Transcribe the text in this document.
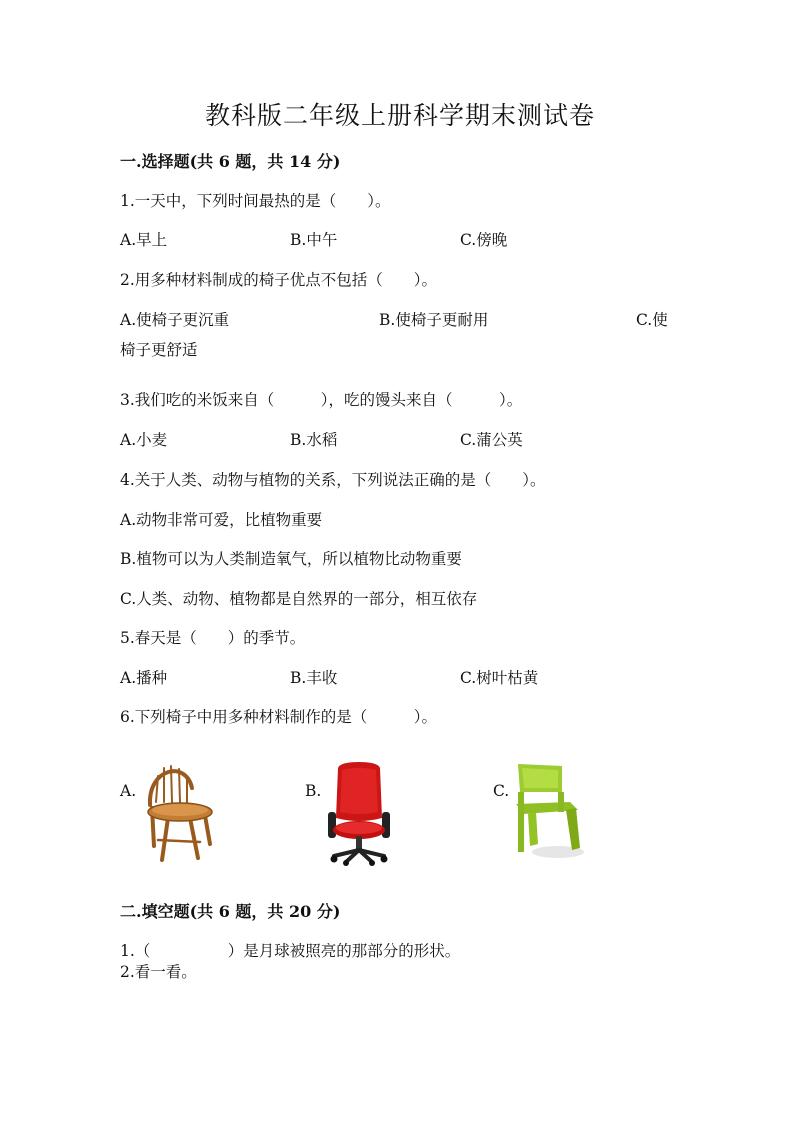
教科版二年级上册科学期末测试卷
一.选择题(共 6 题，共 14 分)
1.一天中，下列时间最热的是（　　）。
A.早上	B.中午	C.傍晚
2.用多种材料制成的椅子优点不包括（　　）。
A.使椅子更沉重	B.使椅子更耐用	C.使
椅子更舒适
3.我们吃的米饭来自（　　　），吃的馒头来自（　　　）。
A.小麦	B.水稻	C.蒲公英
4.关于人类、动物与植物的关系，下列说法正确的是（　　）。
A.动物非常可爱，比植物重要
B.植物可以为人类制造氧气，所以植物比动物重要
C.人类、动物、植物都是自然界的一部分，相互依存
5.春天是（　　）的季节。
A.播种	B.丰收	C.树叶枯黄
6.下列椅子中用多种材料制作的是（　　　）。
A.	B.	C.
二.填空题(共 6 题，共 20 分)
1.（　　　　　）是月球被照亮的那部分的形状。
2.看一看。
